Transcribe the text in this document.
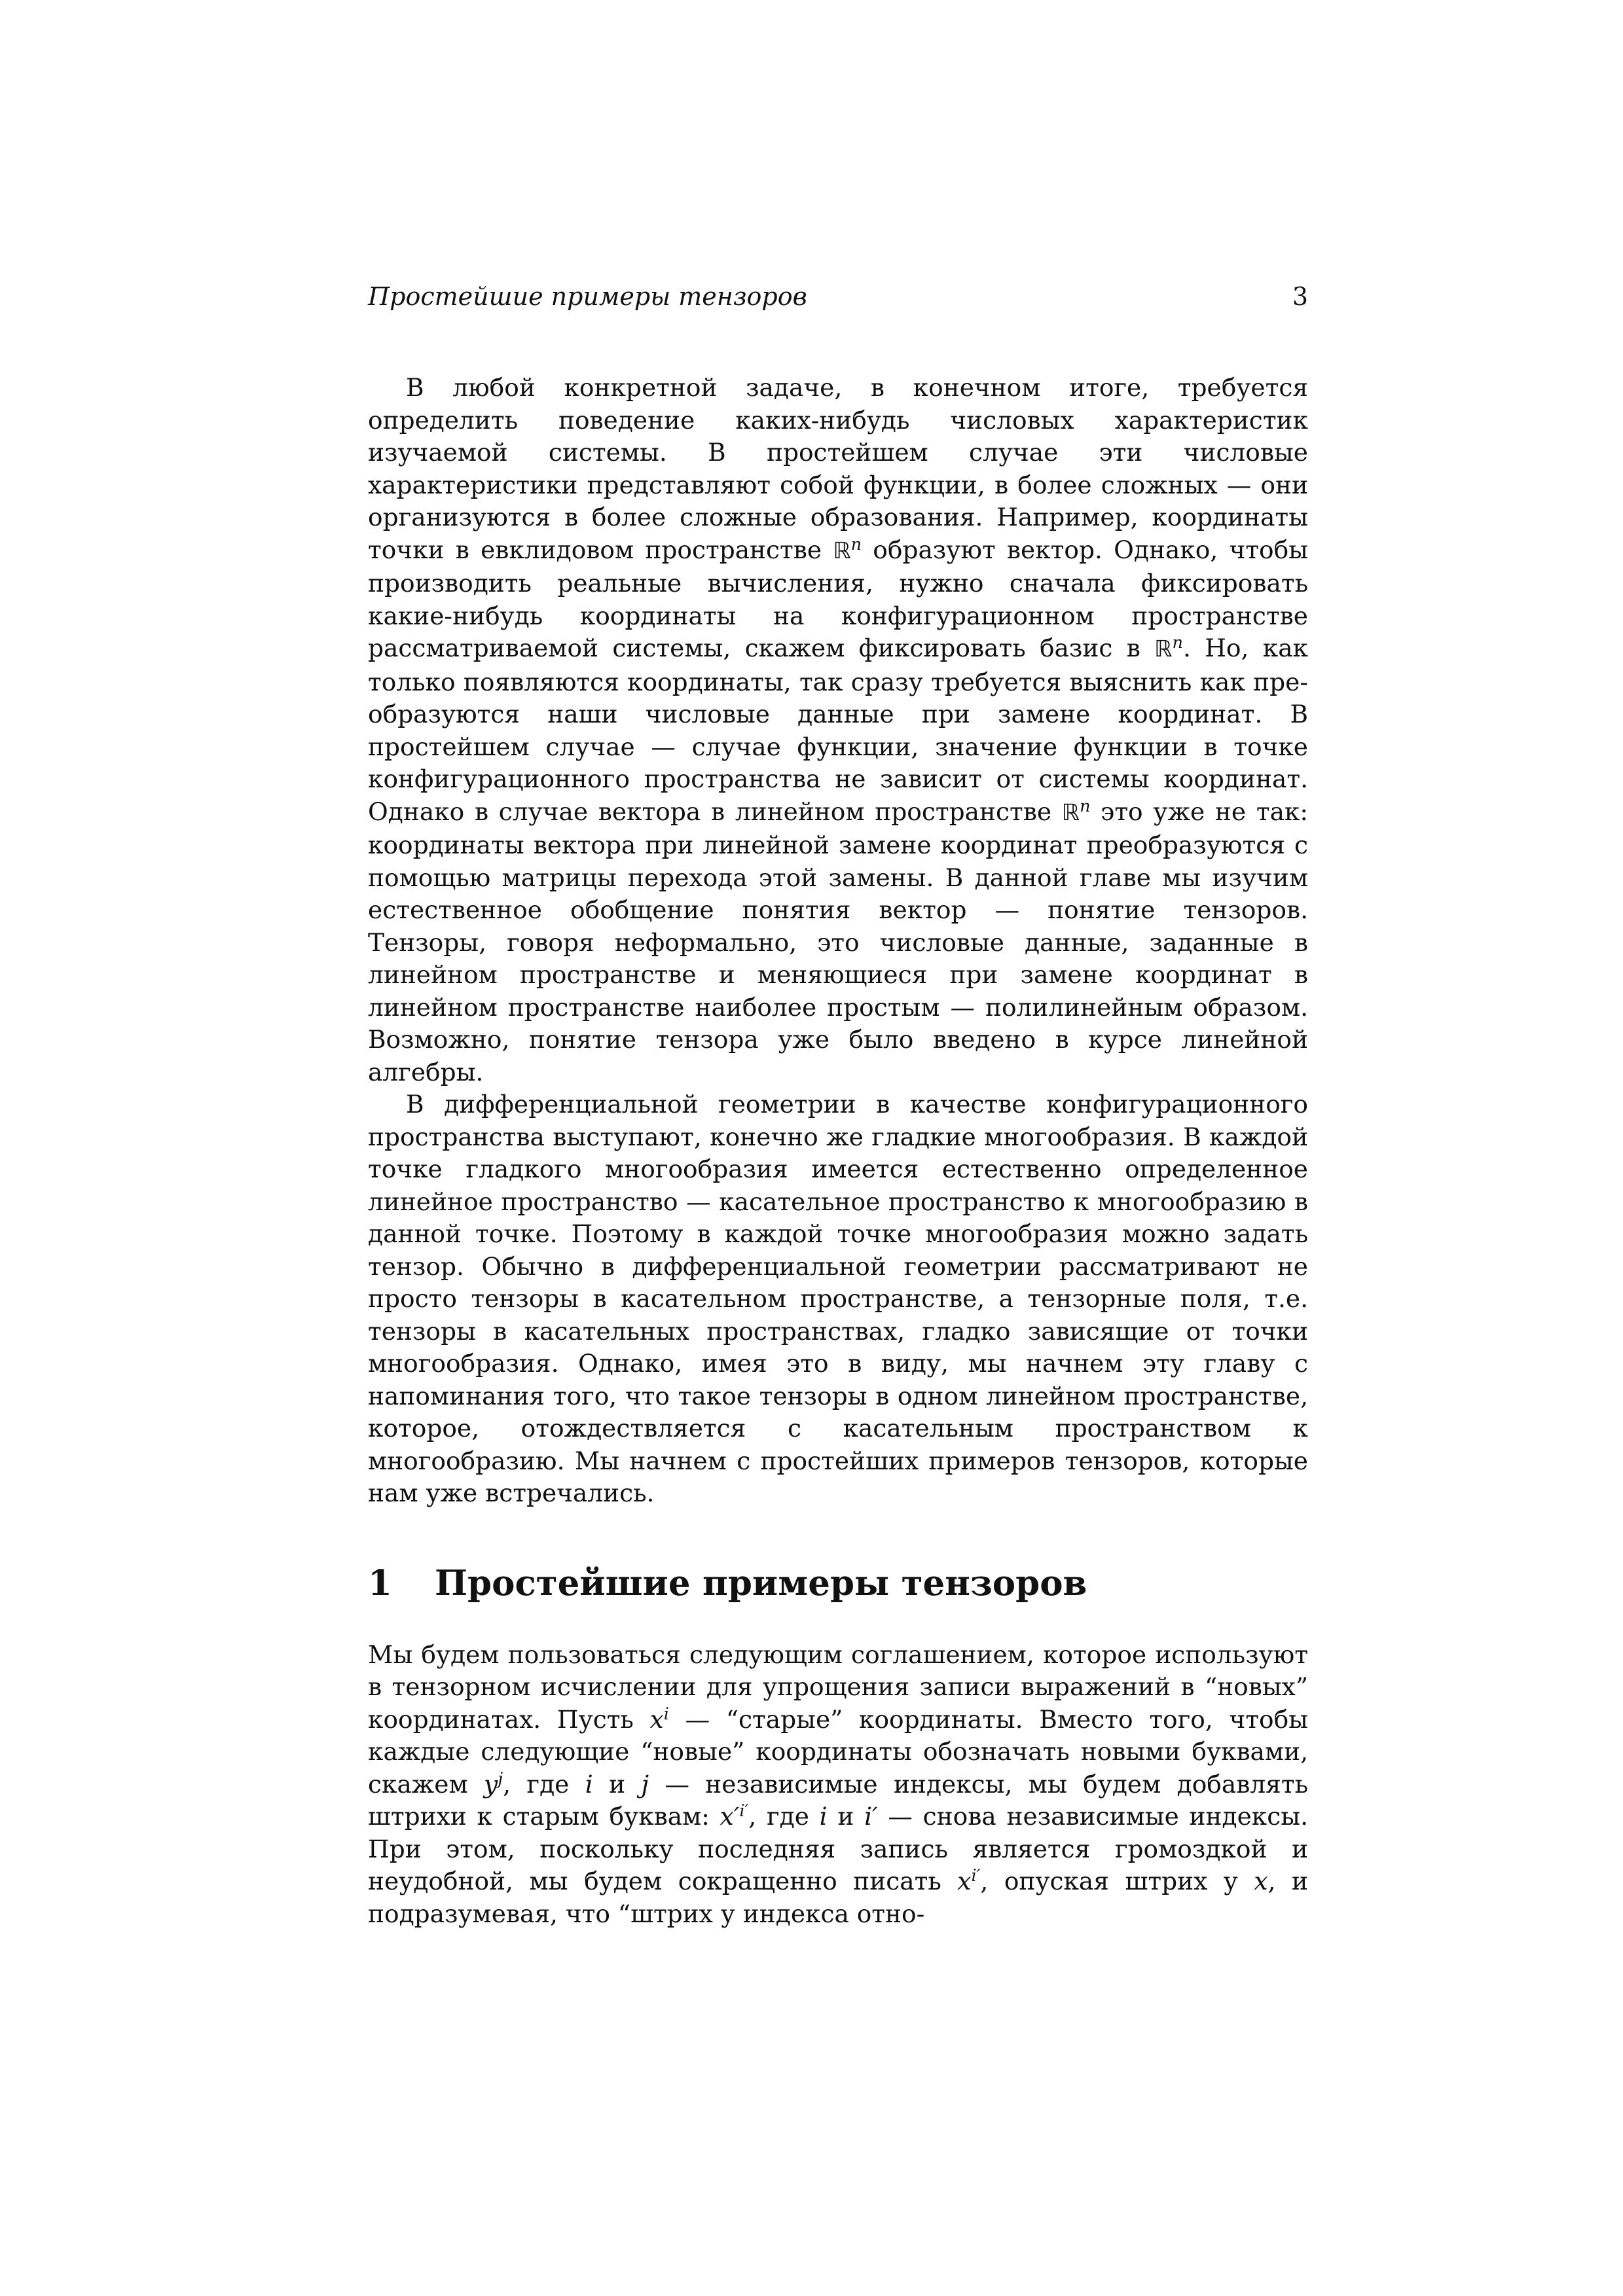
Простейшие примеры тензоров	3

В любой конкретной задаче, в конечном итоге, требуется определить поведение каких-нибудь числовых характеристик изучаемой системы. В простейшем случае эти числовые характеристики представляют собой функции, в более сложных — они организуются в более сложные образования. Например, координаты точки в евклидовом пространстве ℝ$^n$ образуют вектор. Однако, чтобы производить реальные вычисления, нужно сначала фиксировать какие-нибудь координаты на конфигурационном пространстве рассматриваемой системы, скажем фиксировать базис в ℝ$^n$. Но, как только появляются координаты, так сразу требуется выяснить как преобразуются наши числовые данные при замене координат. В простейшем случае — случае функции, значение функции в точке конфигурационного пространства не зависит от системы координат. Однако в случае вектора в линейном пространстве ℝ$^n$ это уже не так: координаты вектора при линейной замене координат преобразуются с помощью матрицы перехода этой замены. В данной главе мы изучим естественное обобщение понятия вектор — понятие тензоров. Тензоры, говоря неформально, это числовые данные, заданные в линейном пространстве и меняющиеся при замене координат в линейном пространстве наиболее простым — полилинейным образом. Возможно, понятие тензора уже было введено в курсе линейной алгебры.

В дифференциальной геометрии в качестве конфигурационного пространства выступают, конечно же гладкие многообразия. В каждой точке гладкого многообразия имеется естественно определенное линейное пространство — касательное пространство к многообразию в данной точке. Поэтому в каждой точке многообразия можно задать тензор. Обычно в дифференциальной геометрии рассматривают не просто тензоры в касательном пространстве, а тензорные поля, т.е. тензоры в касательных пространствах, гладко зависящие от точки многообразия. Однако, имея это в виду, мы начнем эту главу с напоминания того, что такое тензоры в одном линейном пространстве, которое, отождествляется с касательным пространством к многообразию. Мы начнем с простейших примеров тензоров, которые нам уже встречались.

1 Простейшие примеры тензоров

Мы будем пользоваться следующим соглашением, которое используют в тензорном исчислении для упрощения записи выражений в “новых” координатах. Пусть $x^i$ — “старые” координаты. Вместо того, чтобы каждые следующие “новые” координаты обозначать новыми буквами, скажем $y^j$, где i и j — независимые индексы, мы будем добавлять штрихи к старым буквам: $x'^{i'}$, где i и i′ — снова независимые индексы. При этом, поскольку последняя запись является громоздкой и неудобной, мы будем сокращенно писать $x^{i'}$, опуская штрих у x, и подразумевая, что “штрих у индекса отно-
